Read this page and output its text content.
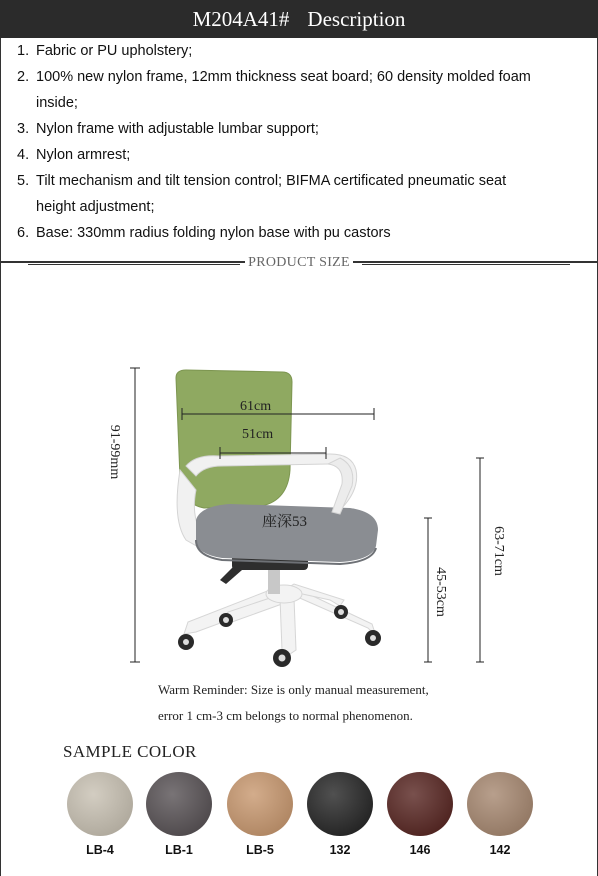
M204A41# Description
1. Fabric or PU upholstery;
2. 100% new nylon frame, 12mm thickness seat board; 60 density molded foam
inside;
3. Nylon frame with adjustable lumbar support;
4. Nylon armrest;
5. Tilt mechanism and tilt tension control; BIFMA certificated pneumatic seat
height adjustment;
6. Base: 330mm radius folding nylon base with pu castors
PRODUCT SIZE
61cm
51cm
座深53
91-99mm
45-53cm
63-71cm
Warm Reminder: Size is only manual measurement,
error 1 cm-3 cm belongs to normal phenomenon.
SAMPLE COLOR
LB-4	LB-1	LB-5	132	146	142
